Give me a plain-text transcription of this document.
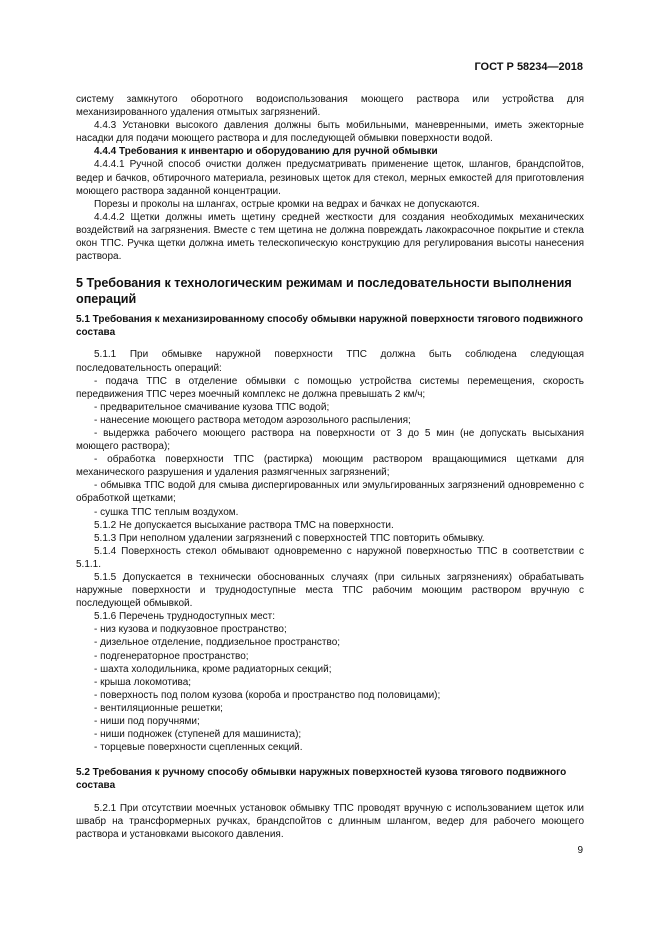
ГОСТ Р 58234—2018

систему замкнутого оборотного водоиспользования моющего раствора или устройства для механизированного удаления отмытых загрязнений.

4.4.3 Установки высокого давления должны быть мобильными, маневренными, иметь эжекторные насадки для подачи моющего раствора и для последующей обмывки поверхности водой.

4.4.4 Требования к инвентарю и оборудованию для ручной обмывки

4.4.4.1 Ручной способ очистки должен предусматривать применение щеток, шлангов, брандспойтов, ведер и бачков, обтирочного материала, резиновых щеток для стекол, мерных емкостей для приготовления моющего раствора заданной концентрации.

Порезы и проколы на шлангах, острые кромки на ведрах и бачках не допускаются.

4.4.4.2 Щетки должны иметь щетину средней жесткости для создания необходимых механических воздействий на загрязнения. Вместе с тем щетина не должна повреждать лакокрасочное покрытие и стекла окон ТПС. Ручка щетки должна иметь телескопическую конструкцию для регулирования высоты нанесения раствора.

5 Требования к технологическим режимам и последовательности выполнения операций

5.1 Требования к механизированному способу обмывки наружной поверхности тягового подвижного состава

5.1.1 При обмывке наружной поверхности ТПС должна быть соблюдена следующая последовательность операций:

- подача ТПС в отделение обмывки с помощью устройства системы перемещения, скорость передвижения ТПС через моечный комплекс не должна превышать 2 км/ч;

- предварительное смачивание кузова ТПС водой;

- нанесение моющего раствора методом аэрозольного распыления;

- выдержка рабочего моющего раствора на поверхности от 3 до 5 мин (не допускать высыхания моющего раствора);

- обработка поверхности ТПС (растирка) моющим раствором вращающимися щетками для механического разрушения и удаления размягченных загрязнений;

- обмывка ТПС водой для смыва диспергированных или эмульгированных загрязнений одновременно с обработкой щетками;

- сушка ТПС теплым воздухом.

5.1.2 Не допускается высыхание раствора ТМС на поверхности.

5.1.3 При неполном удалении загрязнений с поверхностей ТПС повторить обмывку.

5.1.4 Поверхность стекол обмывают одновременно с наружной поверхностью ТПС в соответствии с 5.1.1.

5.1.5 Допускается в технически обоснованных случаях (при сильных загрязнениях) обрабатывать наружные поверхности и труднодоступные места ТПС рабочим моющим раствором вручную с последующей обмывкой.

5.1.6 Перечень труднодоступных мест:

- низ кузова и подкузовное пространство;

- дизельное отделение, поддизельное пространство;

- подгенераторное пространство;

- шахта холодильника, кроме радиаторных секций;

- крыша локомотива;

- поверхность под полом кузова (короба и пространство под половицами);

- вентиляционные решетки;

- ниши под поручнями;

- ниши подножек (ступеней для машиниста);

- торцевые поверхности сцепленных секций.

5.2 Требования к ручному способу обмывки наружных поверхностей кузова тягового подвижного состава

5.2.1 При отсутствии моечных установок обмывку ТПС проводят вручную с использованием щеток или швабр на трансформерных ручках, брандспойтов с длинным шлангом, ведер для рабочего моющего раствора и установками высокого давления.

9
